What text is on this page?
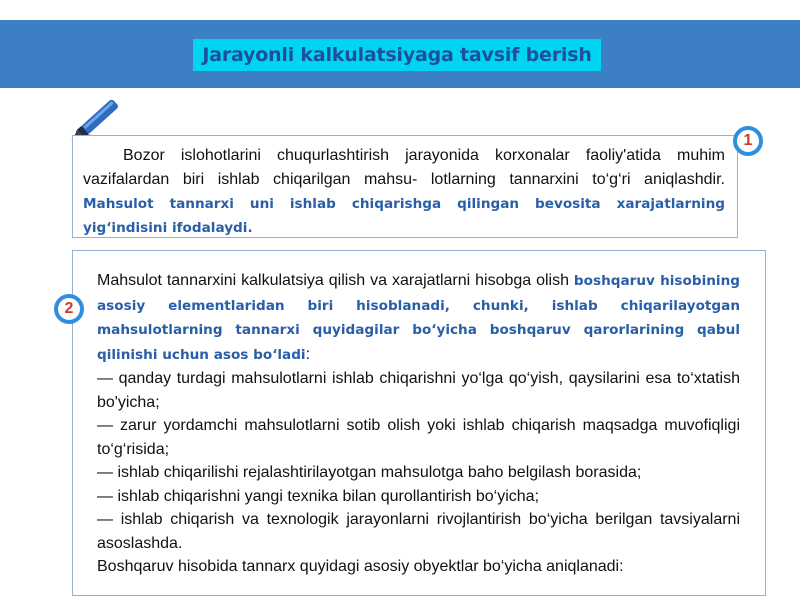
Jarayonli kalkulatsiyaga tavsif berish
Bozor islohotlarini chuqurlashtirish jarayonida korxonalar faoliy'atida muhim vazifalardan biri ishlab chiqarilgan mahsu- lotlarning tannarxini to‘g‘ri aniqlashdir. Mahsulot tannarxi uni ishlab chiqarishga qilingan bevosita xarajatlarning yig‘indisini ifodalaydi.
1

Mahsulot tannarxini kalkulatsiya qilish va xarajatlarni hisobga olish boshqaruv hisobining asosiy elementlaridan biri hisoblanadi, chunki, ishlab chiqarilayotgan mahsulotlarning tannarxi quyidagilar bo‘yicha boshqaruv qarorlarining qabul qilinishi uchun asos bo‘ladi:

— qanday turdagi mahsulotlarni ishlab chiqarishni yo‘lga qo‘yish, qaysilarini esa to‘xtatish bo'yicha;

— zarur yordamchi mahsulotlarni sotib olish yoki ishlab chiqarish maqsadga muvofiqligi to‘g‘risida;

— ishlab chiqarilishi rejalashtirilayotgan mahsulotga baho belgilash borasida;

— ishlab chiqarishni yangi texnika bilan qurollantirish bo‘yicha;

— ishlab chiqarish va texnologik jarayonlarni rivojlantirish bo‘yicha berilgan tavsiyalarni asoslashda.

Boshqaruv hisobida tannarx quyidagi asosiy obyektlar bo‘yicha aniqlanadi:

2
